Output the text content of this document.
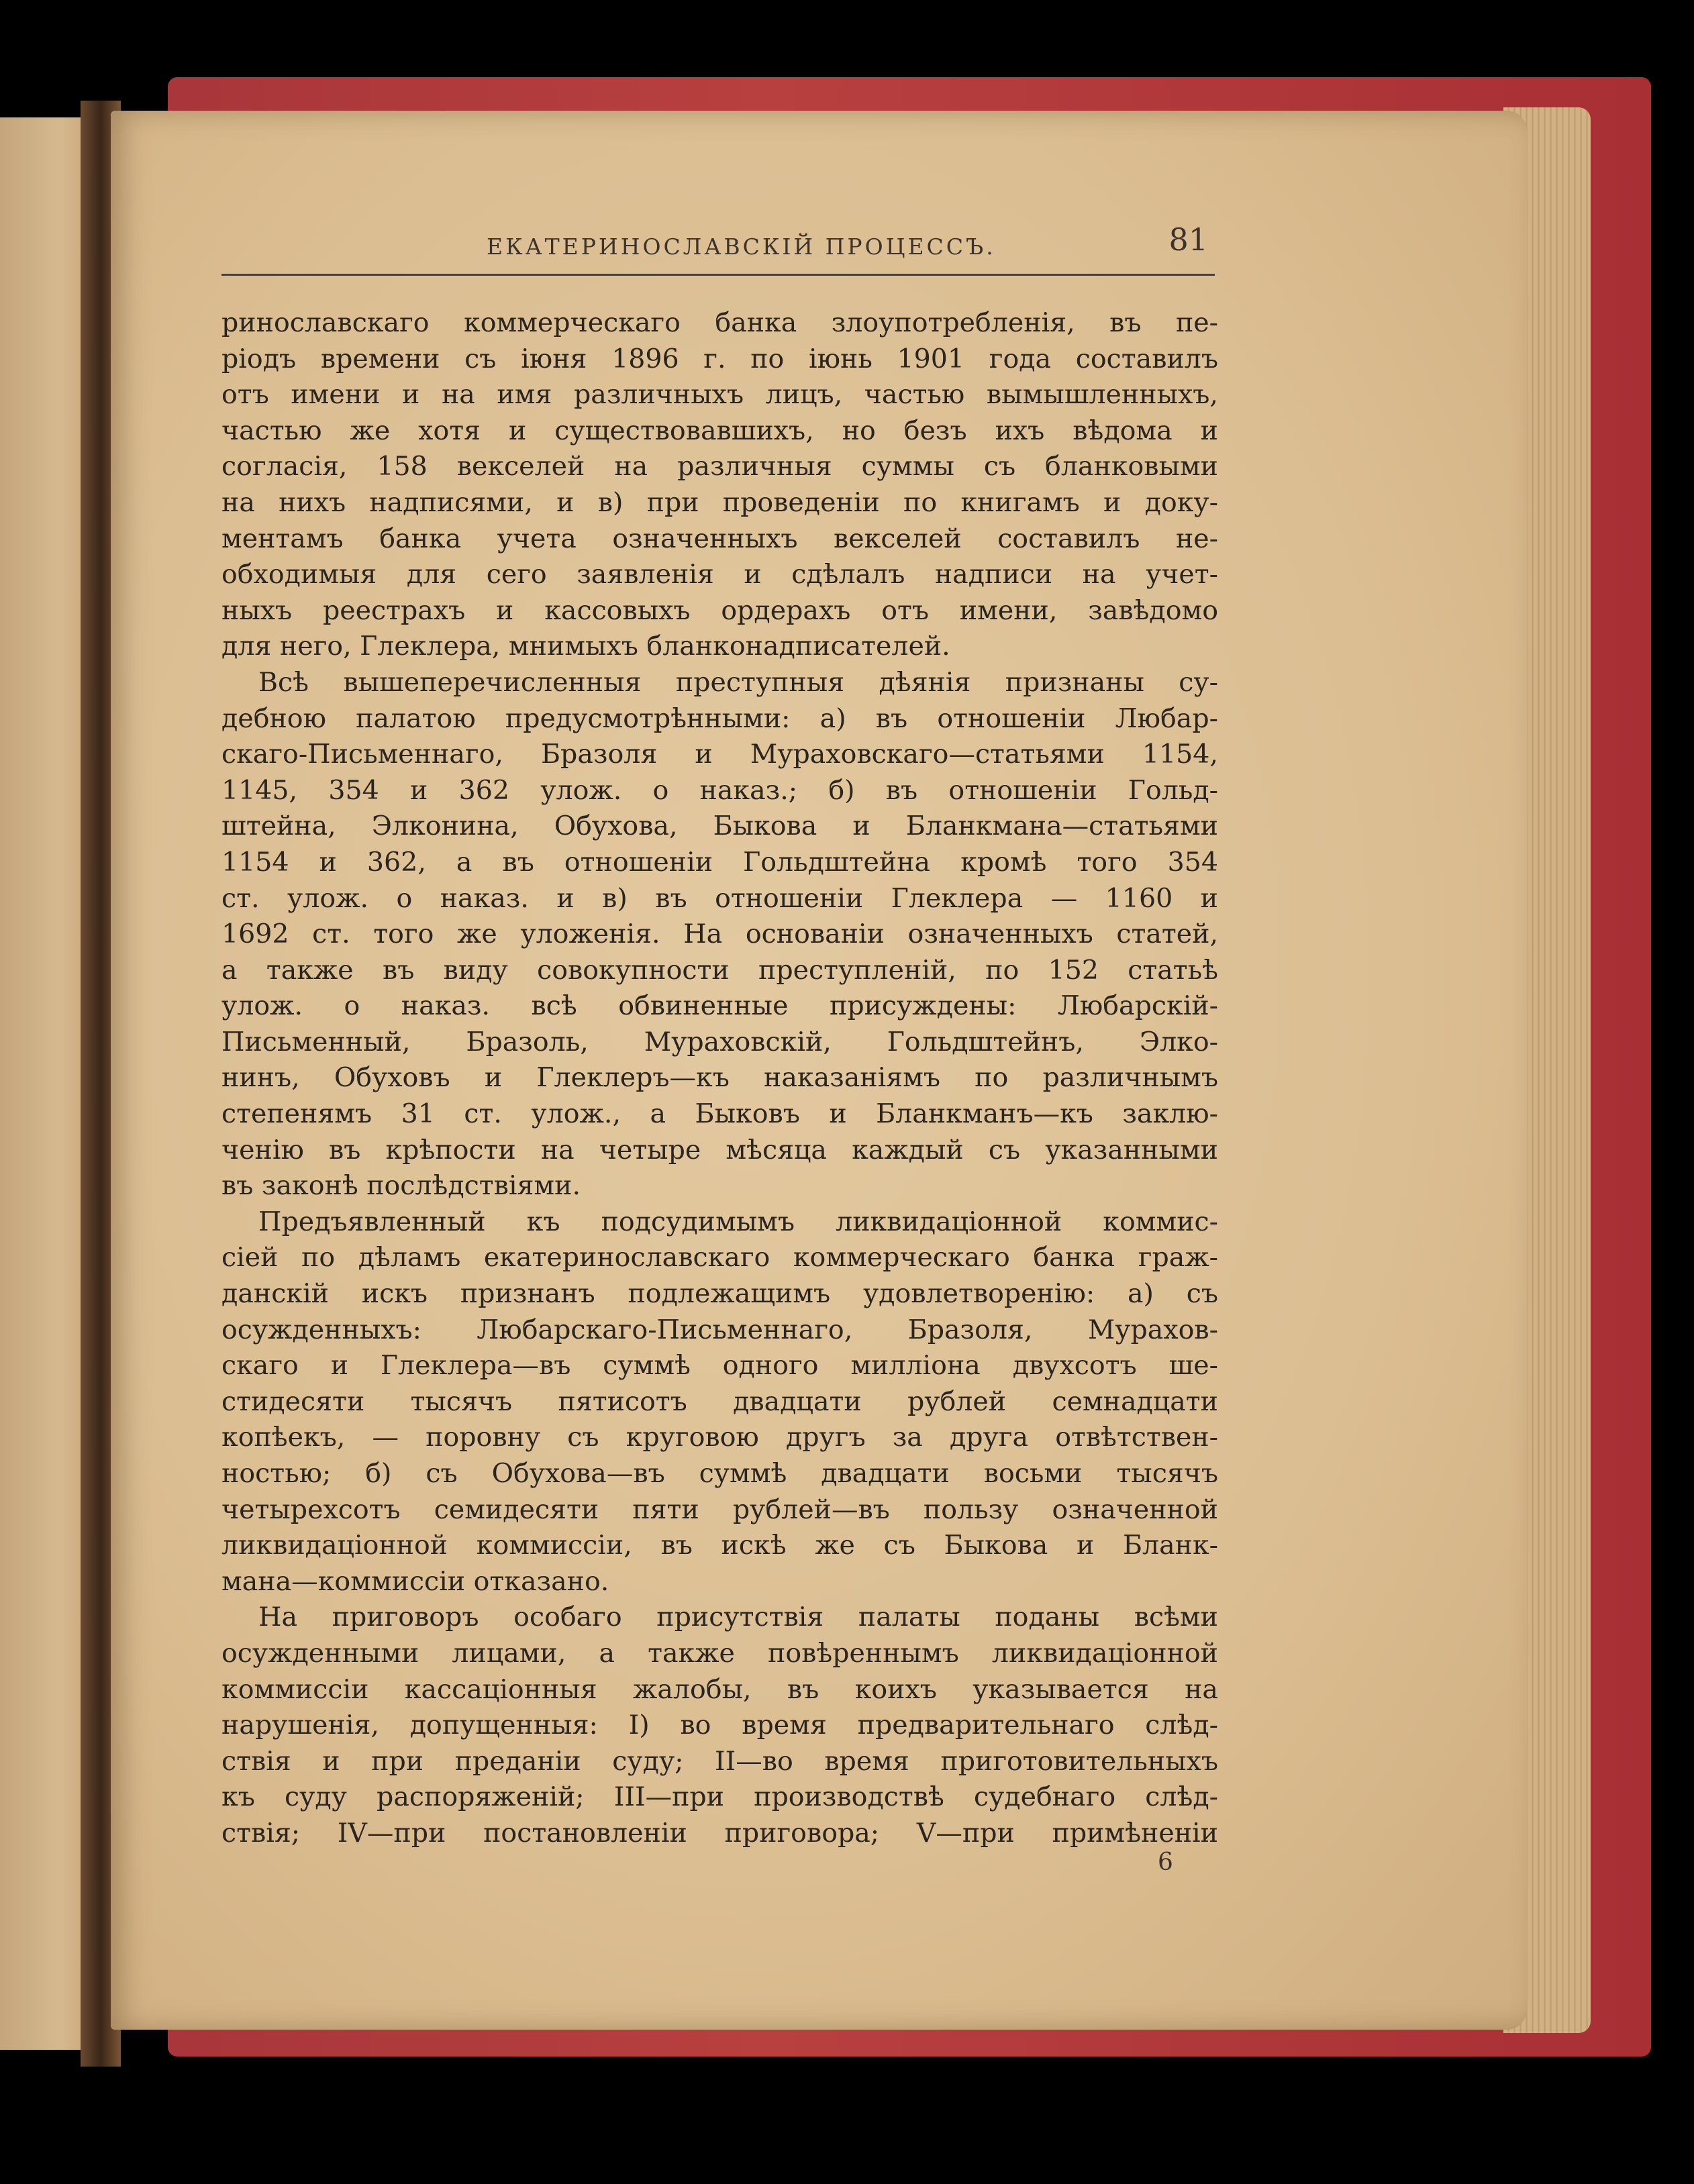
ЕКАТЕРИНОСЛАВСКІЙ ПРОЦЕССЪ.	81
ринославскаго коммерческаго банка злоупотребленія, въ пе-
ріодъ времени съ іюня 1896 г. по іюнь 1901 года составилъ
отъ имени и на имя различныхъ лицъ, частью вымышленныхъ,
частью же хотя и существовавшихъ, но безъ ихъ вѣдома и
согласія, 158 векселей на различныя суммы съ бланковыми
на нихъ надписями, и в) при проведеніи по книгамъ и доку-
ментамъ банка учета означенныхъ векселей составилъ не-
обходимыя для сего заявленія и сдѣлалъ надписи на учет-
ныхъ реестрахъ и кассовыхъ ордерахъ отъ имени, завѣдомо
для него, Глеклера, мнимыхъ бланконадписателей.
Всѣ вышеперечисленныя преступныя дѣянія признаны су-
дебною палатою предусмотрѣнными: а) въ отношеніи Любар-
скаго-Письменнаго, Бразоля и Мураховскаго—статьями 1154,
1145, 354 и 362 улож. о наказ.; б) въ отношеніи Гольд-
штейна, Элконина, Обухова, Быкова и Бланкмана—статьями
1154 и 362, а въ отношеніи Гольдштейна кромѣ того 354
ст. улож. о наказ. и в) въ отношеніи Глеклера — 1160 и
1692 ст. того же уложенія. На основаніи означенныхъ статей,
а также въ виду совокупности преступленій, по 152 статьѣ
улож. о наказ. всѣ обвиненные присуждены: Любарскій-
Письменный, Бразоль, Мураховскій, Гольдштейнъ, Элко-
нинъ, Обуховъ и Глеклеръ—къ наказаніямъ по различнымъ
степенямъ 31 ст. улож., а Быковъ и Бланкманъ—къ заклю-
ченію въ крѣпости на четыре мѣсяца каждый съ указанными
въ законѣ послѣдствіями.
Предъявленный къ подсудимымъ ликвидаціонной коммис-
сіей по дѣламъ екатеринославскаго коммерческаго банка граж-
данскій искъ признанъ подлежащимъ удовлетворенію: а) съ
осужденныхъ: Любарскаго-Письменнаго, Бразоля, Мурахов-
скаго и Глеклера—въ суммѣ одного милліона двухсотъ ше-
стидесяти тысячъ пятисотъ двадцати рублей семнадцати
копѣекъ, — поровну съ круговою другъ за друга отвѣтствен-
ностью; б) съ Обухова—въ суммѣ двадцати восьми тысячъ
четырехсотъ семидесяти пяти рублей—въ пользу означенной
ликвидаціонной коммиссіи, въ искѣ же съ Быкова и Бланк-
мана—коммиссіи отказано.
На приговоръ особаго присутствія палаты поданы всѣми
осужденными лицами, а также повѣреннымъ ликвидаціонной
коммиссіи кассаціонныя жалобы, въ коихъ указывается на
нарушенія, допущенныя: I) во время предварительнаго слѣд-
ствія и при преданіи суду; II—во время приготовительныхъ
къ суду распоряженій; III—при производствѣ судебнаго слѣд-
ствія; IV—при постановленіи приговора; V—при примѣненіи
6
